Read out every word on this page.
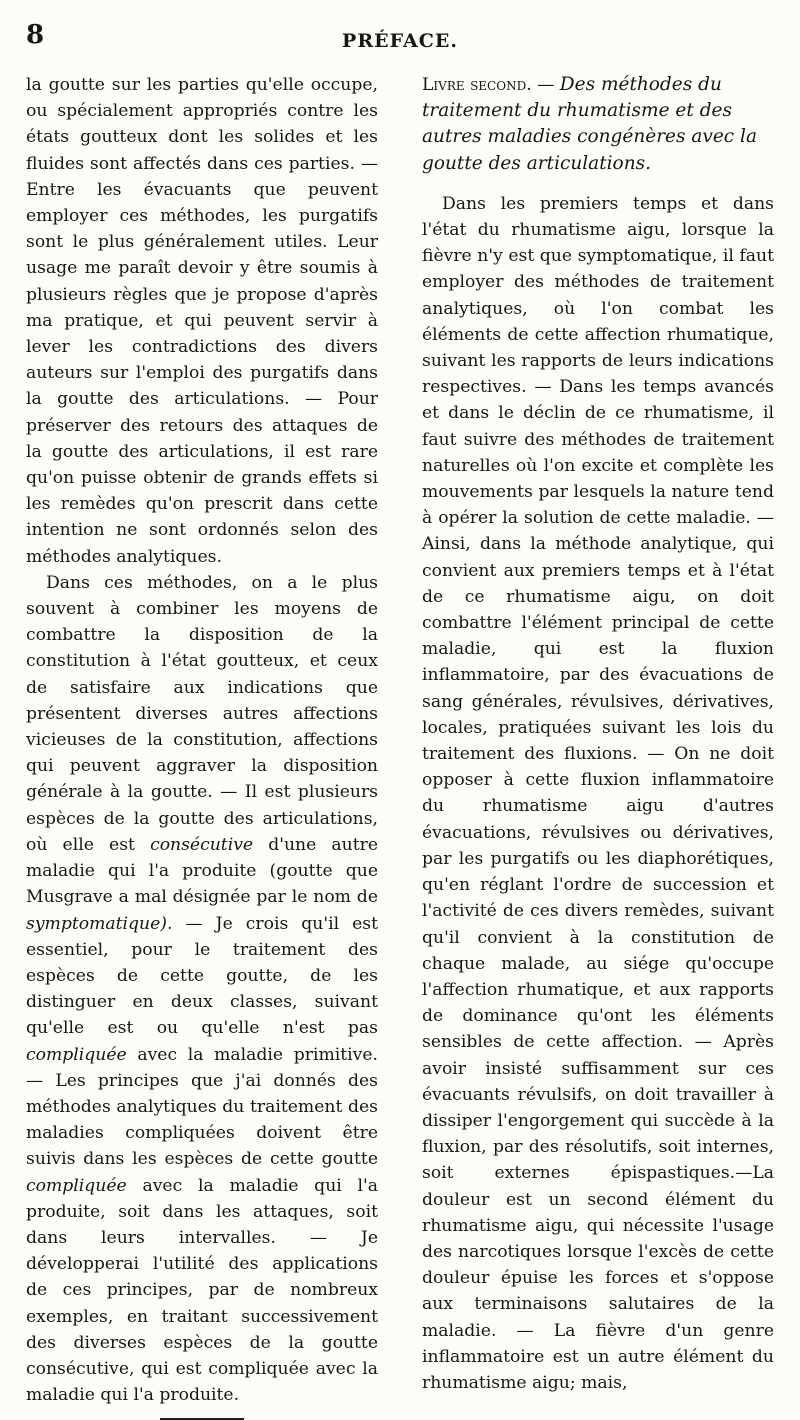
8	PRÉFACE.

la goutte sur les parties qu'elle occupe, ou spécialement appropriés contre les états goutteux dont les solides et les fluides sont affectés dans ces parties. — Entre les évacuants que peuvent employer ces méthodes, les purgatifs sont le plus généralement utiles. Leur usage me paraît devoir y être soumis à plusieurs règles que je propose d'après ma pratique, et qui peuvent servir à lever les contradictions des divers auteurs sur l'emploi des purgatifs dans la goutte des articulations. — Pour préserver des retours des attaques de la goutte des articulations, il est rare qu'on puisse obtenir de grands effets si les remèdes qu'on prescrit dans cette intention ne sont ordonnés selon des méthodes analytiques.

Dans ces méthodes, on a le plus souvent à combiner les moyens de combattre la disposition de la constitution à l'état goutteux, et ceux de satisfaire aux indications que présentent diverses autres affections vicieuses de la constitution, affections qui peuvent aggraver la disposition générale à la goutte. — Il est plusieurs espèces de la goutte des articulations, où elle est consécutive d'une autre maladie qui l'a produite (goutte que Musgrave a mal désignée par le nom de symptomatique). — Je crois qu'il est essentiel, pour le traitement des espèces de cette goutte, de les distinguer en deux classes, suivant qu'elle est ou qu'elle n'est pas compliquée avec la maladie primitive. — Les principes que j'ai donnés des méthodes analytiques du traitement des maladies compliquées doivent être suivis dans les espèces de cette goutte compliquée avec la maladie qui l'a produite, soit dans les attaques, soit dans leurs intervalles. — Je développerai l'utilité des applications de ces principes, par de nombreux exemples, en traitant successivement des diverses espèces de la goutte consécutive, qui est compliquée avec la maladie qui l'a produite.

Livre second. — Des méthodes du traitement du rhumatisme et des autres maladies congénères avec la goutte des articulations.

Dans les premiers temps et dans l'état du rhumatisme aigu, lorsque la fièvre n'y est que symptomatique, il faut employer des méthodes de traitement analytiques, où l'on combat les éléments de cette affection rhumatique, suivant les rapports de leurs indications respectives. — Dans les temps avancés et dans le déclin de ce rhumatisme, il faut suivre des méthodes de traitement naturelles où l'on excite et complète les mouvements par lesquels la nature tend à opérer la solution de cette maladie. — Ainsi, dans la méthode analytique, qui convient aux premiers temps et à l'état de ce rhumatisme aigu, on doit combattre l'élément principal de cette maladie, qui est la fluxion inflammatoire, par des évacuations de sang générales, révulsives, dérivatives, locales, pratiquées suivant les lois du traitement des fluxions. — On ne doit opposer à cette fluxion inflammatoire du rhumatisme aigu d'autres évacuations, révulsives ou dérivatives, par les purgatifs ou les diaphorétiques, qu'en réglant l'ordre de succession et l'activité de ces divers remèdes, suivant qu'il convient à la constitution de chaque malade, au siége qu'occupe l'affection rhumatique, et aux rapports de dominance qu'ont les éléments sensibles de cette affection. — Après avoir insisté suffisamment sur ces évacuants révulsifs, on doit travailler à dissiper l'engorgement qui succède à la fluxion, par des résolutifs, soit internes, soit externes épispastiques.—La douleur est un second élément du rhumatisme aigu, qui nécessite l'usage des narcotiques lorsque l'excès de cette douleur épuise les forces et s'oppose aux terminaisons salutaires de la maladie. — La fièvre d'un genre inflammatoire est un autre élément du rhumatisme aigu; mais,
